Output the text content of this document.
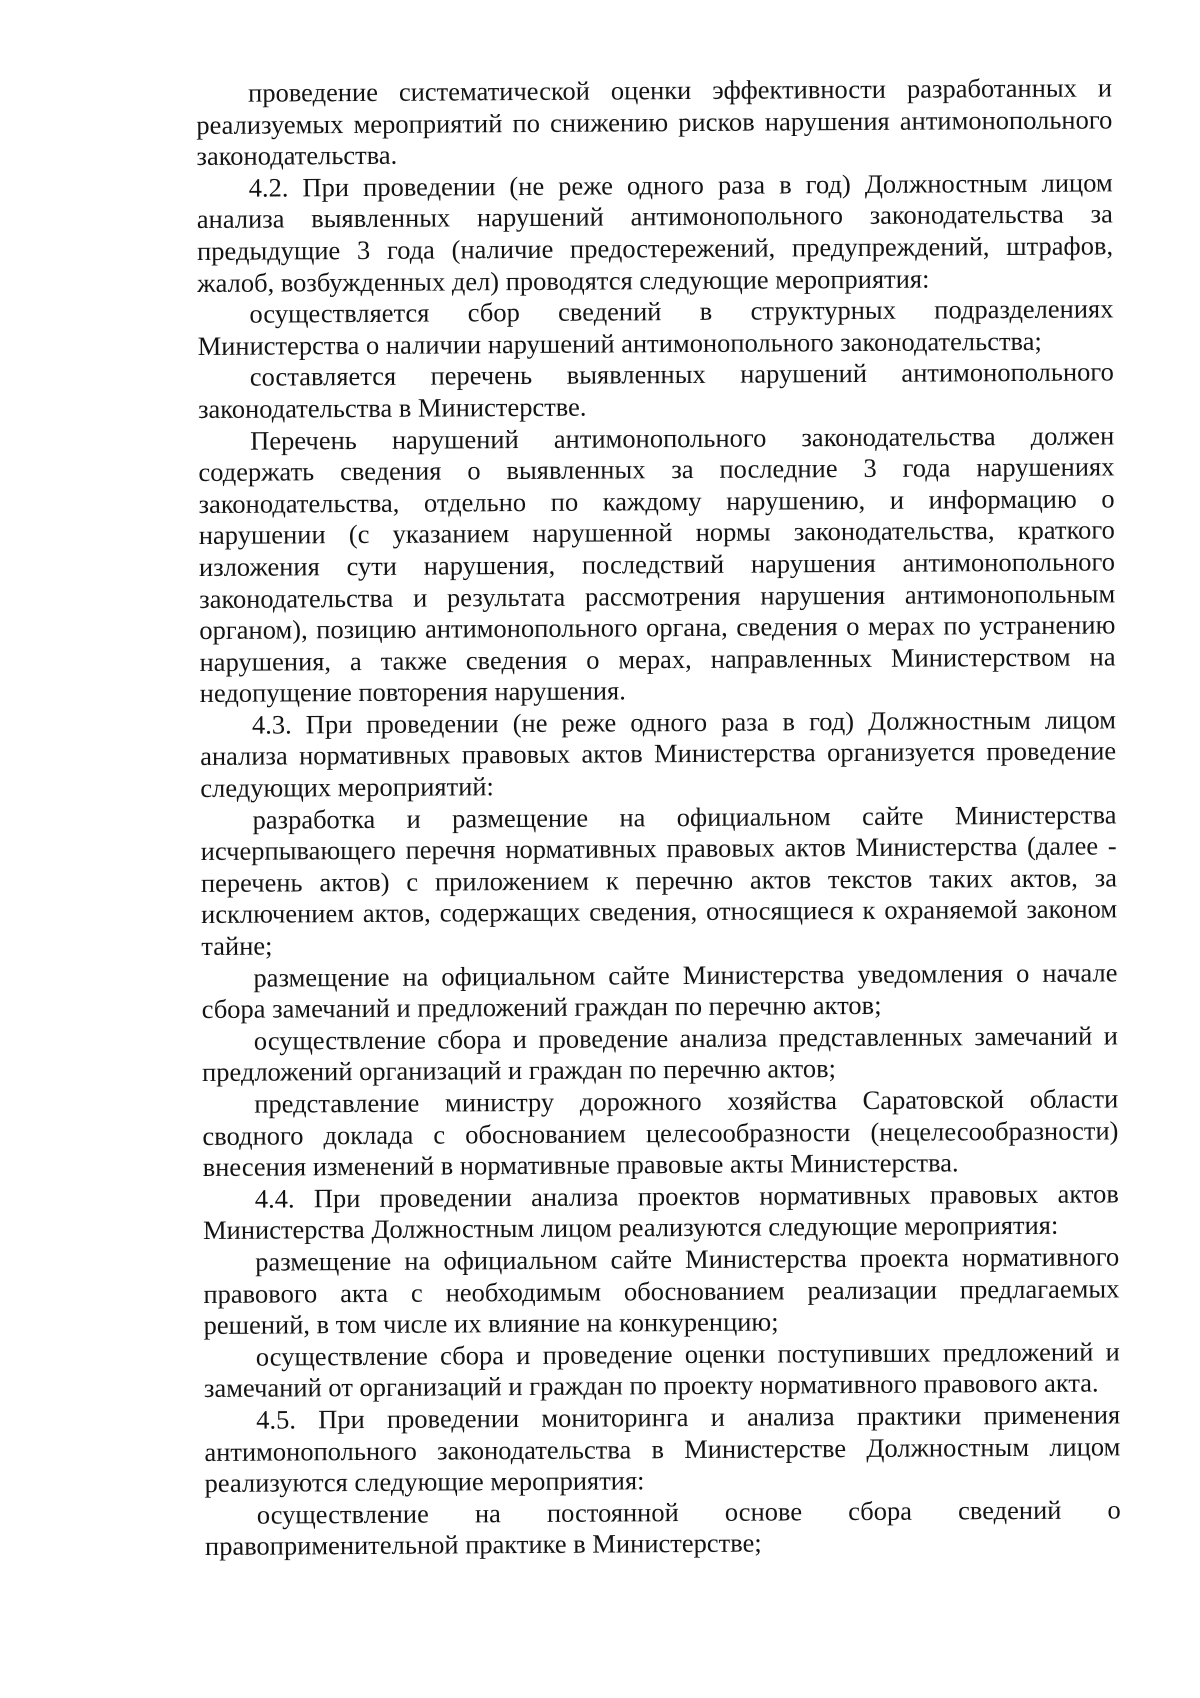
проведение систематической оценки эффективности разработанных и реализуемых мероприятий по снижению рисков нарушения антимонопольного законодательства.

4.2. При проведении (не реже одного раза в год) Должностным лицом анализа выявленных нарушений антимонопольного законодательства за предыдущие 3 года (наличие предостережений, предупреждений, штрафов, жалоб, возбужденных дел) проводятся следующие мероприятия:

осуществляется сбор сведений в структурных подразделениях Министерства о наличии нарушений антимонопольного законодательства;

составляется перечень выявленных нарушений антимонопольного законодательства в Министерстве.

Перечень нарушений антимонопольного законодательства должен содержать сведения о выявленных за последние 3 года нарушениях законодательства, отдельно по каждому нарушению, и информацию о нарушении (с указанием нарушенной нормы законодательства, краткого изложения сути нарушения, последствий нарушения антимонопольного законодательства и результата рассмотрения нарушения антимонопольным органом), позицию антимонопольного органа, сведения о мерах по устранению нарушения, а также сведения о мерах, направленных Министерством на недопущение повторения нарушения.

4.3. При проведении (не реже одного раза в год) Должностным лицом анализа нормативных правовых актов Министерства организуется проведение следующих мероприятий:

разработка и размещение на официальном сайте Министерства исчерпывающего перечня нормативных правовых актов Министерства (далее - перечень актов) с приложением к перечню актов текстов таких актов, за исключением актов, содержащих сведения, относящиеся к охраняемой законом тайне;

размещение на официальном сайте Министерства уведомления о начале сбора замечаний и предложений граждан по перечню актов;

осуществление сбора и проведение анализа представленных замечаний и предложений организаций и граждан по перечню актов;

представление министру дорожного хозяйства Саратовской области сводного доклада с обоснованием целесообразности (нецелесообразности) внесения изменений в нормативные правовые акты Министерства.

4.4. При проведении анализа проектов нормативных правовых актов Министерства Должностным лицом реализуются следующие мероприятия:

размещение на официальном сайте Министерства проекта нормативного правового акта с необходимым обоснованием реализации предлагаемых решений, в том числе их влияние на конкуренцию;

осуществление сбора и проведение оценки поступивших предложений и замечаний от организаций и граждан по проекту нормативного правового акта.

4.5. При проведении мониторинга и анализа практики применения антимонопольного законодательства в Министерстве Должностным лицом реализуются следующие мероприятия:

осуществление на постоянной основе сбора сведений о правоприменительной практике в Министерстве;
